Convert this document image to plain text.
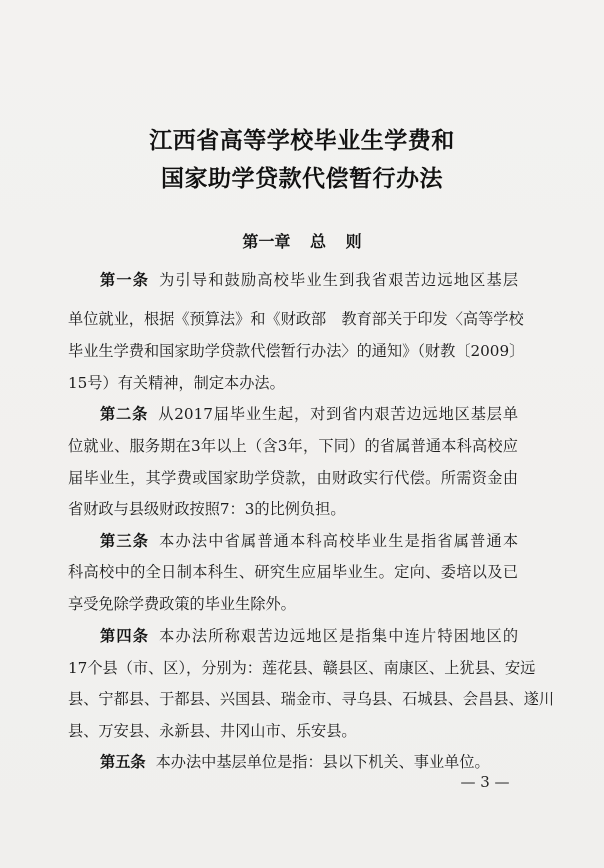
江西省高等学校毕业生学费和
国家助学贷款代偿暂行办法
第一章 总 则
第一条 为引导和鼓励高校毕业生到我省艰苦边远地区基层
单位就业，根据《预算法》和《财政部　教育部关于印发〈高等学校
毕业生学费和国家助学贷款代偿暂行办法〉的通知》（财教〔2009〕
15号）有关精神，制定本办法。
第二条 从2017届毕业生起，对到省内艰苦边远地区基层单
位就业、服务期在3年以上（含3年，下同）的省属普通本科高校应
届毕业生，其学费或国家助学贷款，由财政实行代偿。所需资金由
省财政与县级财政按照7：3的比例负担。
第三条 本办法中省属普通本科高校毕业生是指省属普通本
科高校中的全日制本科生、研究生应届毕业生。定向、委培以及已
享受免除学费政策的毕业生除外。
第四条 本办法所称艰苦边远地区是指集中连片特困地区的
17个县（市、区），分别为：莲花县、赣县区、南康区、上犹县、安远
县、宁都县、于都县、兴国县、瑞金市、寻乌县、石城县、会昌县、遂川
县、万安县、永新县、井冈山市、乐安县。
第五条 本办法中基层单位是指：县以下机关、事业单位。
— 3 —
